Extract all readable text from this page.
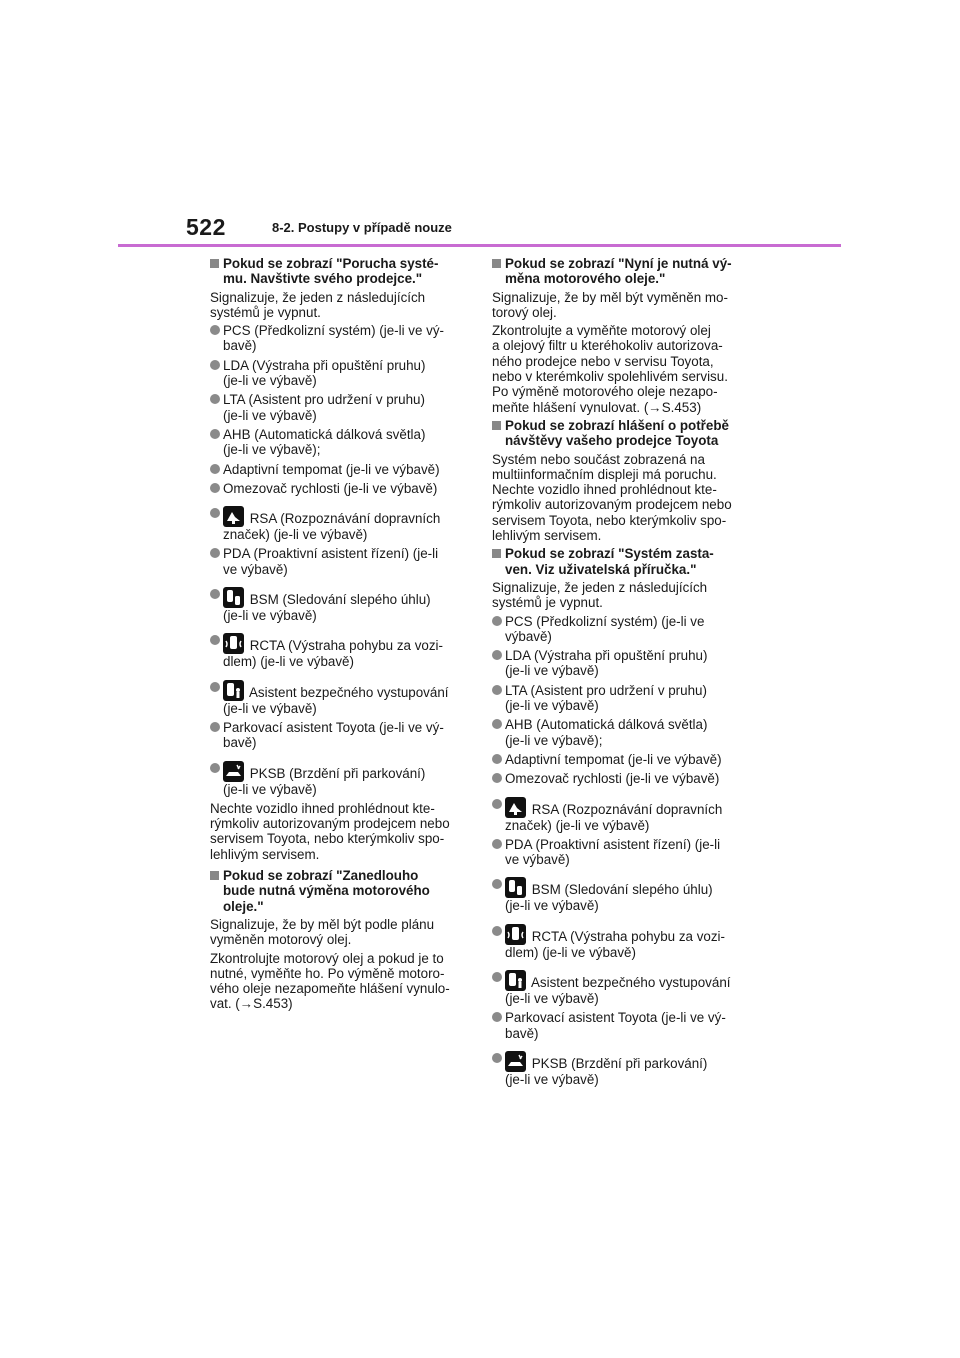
522	8-2. Postupy v případě nouze
Pokud se zobrazí "Porucha systé-
mu. Navštivte svého prodejce."
Signalizuje, že jeden z následujících
systémů je vypnut.
PCS (Předkolizní systém) (je-li ve vý-
bavě)
LDA (Výstraha při opuštění pruhu)
(je-li ve výbavě)
LTA (Asistent pro udržení v pruhu)
(je-li ve výbavě)
AHB (Automatická dálková světla)
(je-li ve výbavě);
Adaptivní tempomat (je-li ve výbavě)
Omezovač rychlosti (je-li ve výbavě)
RSA (Rozpoznávání dopravních
značek) (je-li ve výbavě)
PDA (Proaktivní asistent řízení) (je-li
ve výbavě)
BSM (Sledování slepého úhlu)
(je-li ve výbavě)
RCTA (Výstraha pohybu za vozi-
dlem) (je-li ve výbavě)
Asistent bezpečného vystupování
(je-li ve výbavě)
Parkovací asistent Toyota (je-li ve vý-
bavě)
PKSB (Brzdění při parkování)
(je-li ve výbavě)
Nechte vozidlo ihned prohlédnout kte-
rýmkoliv autorizovaným prodejcem nebo
servisem Toyota, nebo kterýmkoliv spo-
lehlivým servisem.
Pokud se zobrazí "Zanedlouho
bude nutná výměna motorového
oleje."
Signalizuje, že by měl být podle plánu
vyměněn motorový olej.
Zkontrolujte motorový olej a pokud je to
nutné, vyměňte ho. Po výměně motoro-
vého oleje nezapomeňte hlášení vynulo-
vat. (→S.453)
Pokud se zobrazí "Nyní je nutná vý-
měna motorového oleje."
Signalizuje, že by měl být vyměněn mo-
torový olej.
Zkontrolujte a vyměňte motorový olej
a olejový filtr u kteréhokoliv autorizova-
ného prodejce nebo v servisu Toyota,
nebo v kterémkoliv spolehlivém servisu.
Po výměně motorového oleje nezapo-
meňte hlášení vynulovat. (→S.453)
Pokud se zobrazí hlášení o potřebě
návštěvy vašeho prodejce Toyota
Systém nebo součást zobrazená na
multiinformačním displeji má poruchu.
Nechte vozidlo ihned prohlédnout kte-
rýmkoliv autorizovaným prodejcem nebo
servisem Toyota, nebo kterýmkoliv spo-
lehlivým servisem.
Pokud se zobrazí "Systém zasta-
ven. Viz uživatelská příručka."
Signalizuje, že jeden z následujících
systémů je vypnut.
PCS (Předkolizní systém) (je-li ve
výbavě)
LDA (Výstraha při opuštění pruhu)
(je-li ve výbavě)
LTA (Asistent pro udržení v pruhu)
(je-li ve výbavě)
AHB (Automatická dálková světla)
(je-li ve výbavě);
Adaptivní tempomat (je-li ve výbavě)
Omezovač rychlosti (je-li ve výbavě)
RSA (Rozpoznávání dopravních
značek) (je-li ve výbavě)
PDA (Proaktivní asistent řízení) (je-li
ve výbavě)
BSM (Sledování slepého úhlu)
(je-li ve výbavě)
RCTA (Výstraha pohybu za vozi-
dlem) (je-li ve výbavě)
Asistent bezpečného vystupování
(je-li ve výbavě)
Parkovací asistent Toyota (je-li ve vý-
bavě)
PKSB (Brzdění při parkování)
(je-li ve výbavě)
